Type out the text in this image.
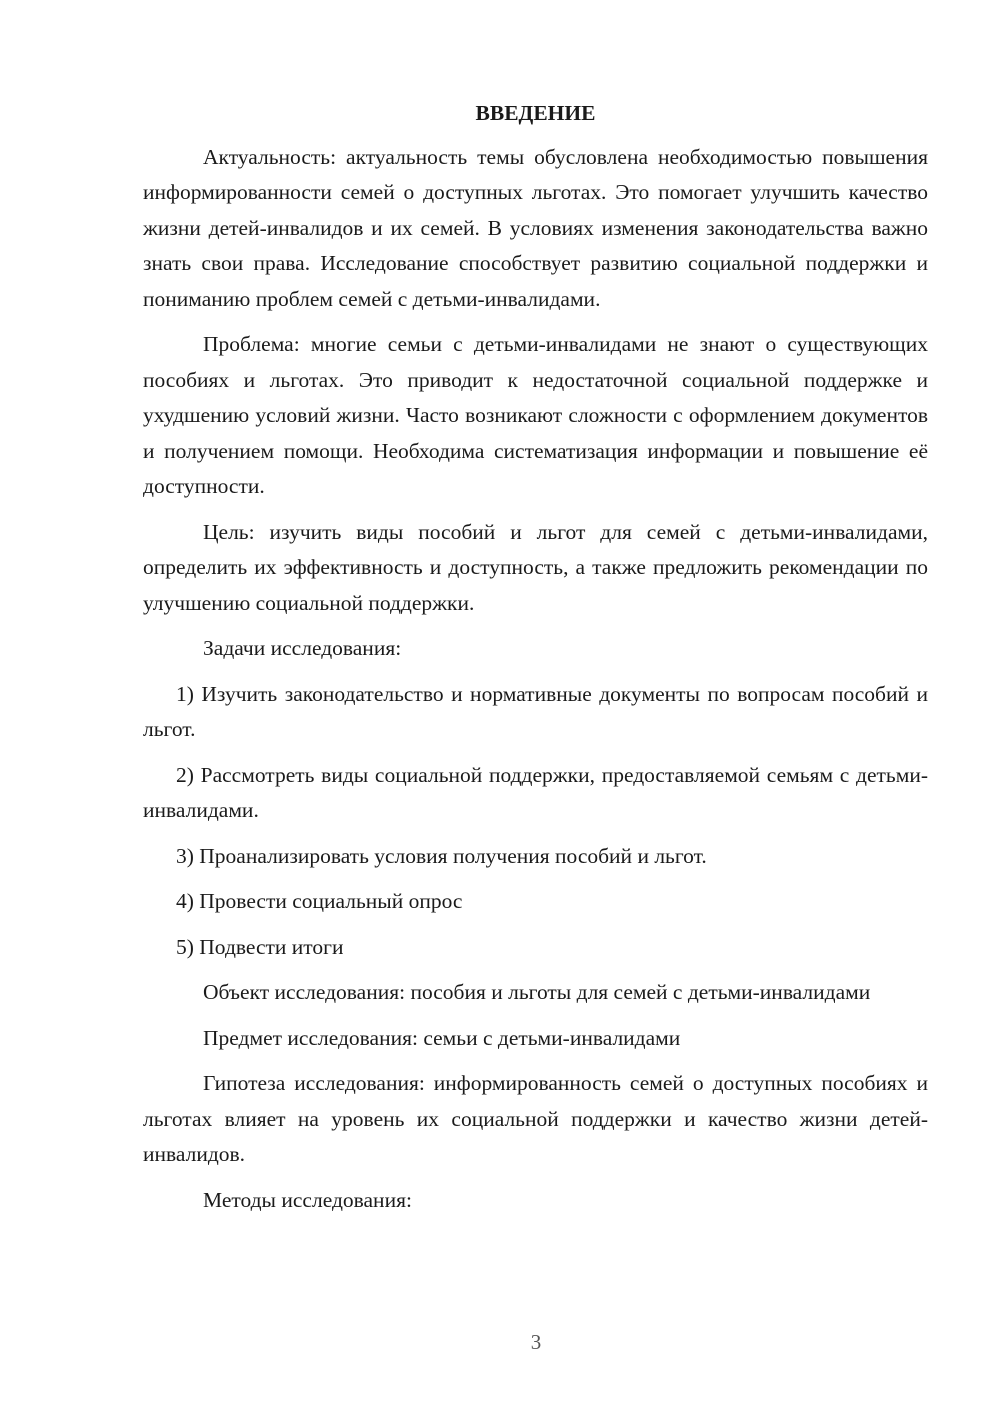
ВВЕДЕНИЕ
Актуальность: актуальность темы обусловлена необходимостью повышения информированности семей о доступных льготах. Это помогает улучшить качество жизни детей-инвалидов и их семей. В условиях изменения законодательства важно знать свои права. Исследование способствует развитию социальной поддержки и пониманию проблем семей с детьми-инвалидами.
Проблема: многие семьи с детьми-инвалидами не знают о существующих пособиях и льготах. Это приводит к недостаточной социальной поддержке и ухудшению условий жизни. Часто возникают сложности с оформлением документов и получением помощи. Необходима систематизация информации и повышение её доступности.
Цель: изучить виды пособий и льгот для семей с детьми-инвалидами, определить их эффективность и доступность, а также предложить рекомендации по улучшению социальной поддержки.
Задачи исследования:
1) Изучить законодательство и нормативные документы по вопросам пособий и льгот.
2) Рассмотреть виды социальной поддержки, предоставляемой семьям с детьми-инвалидами.
3) Проанализировать условия получения пособий и льгот.
4) Провести социальный опрос
5) Подвести итоги
Объект исследования: пособия и льготы для семей с детьми-инвалидами
Предмет исследования: семьи с детьми-инвалидами
Гипотеза исследования: информированность семей о доступных пособиях и льготах влияет на уровень их социальной поддержки и качество жизни детей-инвалидов.
Методы исследования:
3
